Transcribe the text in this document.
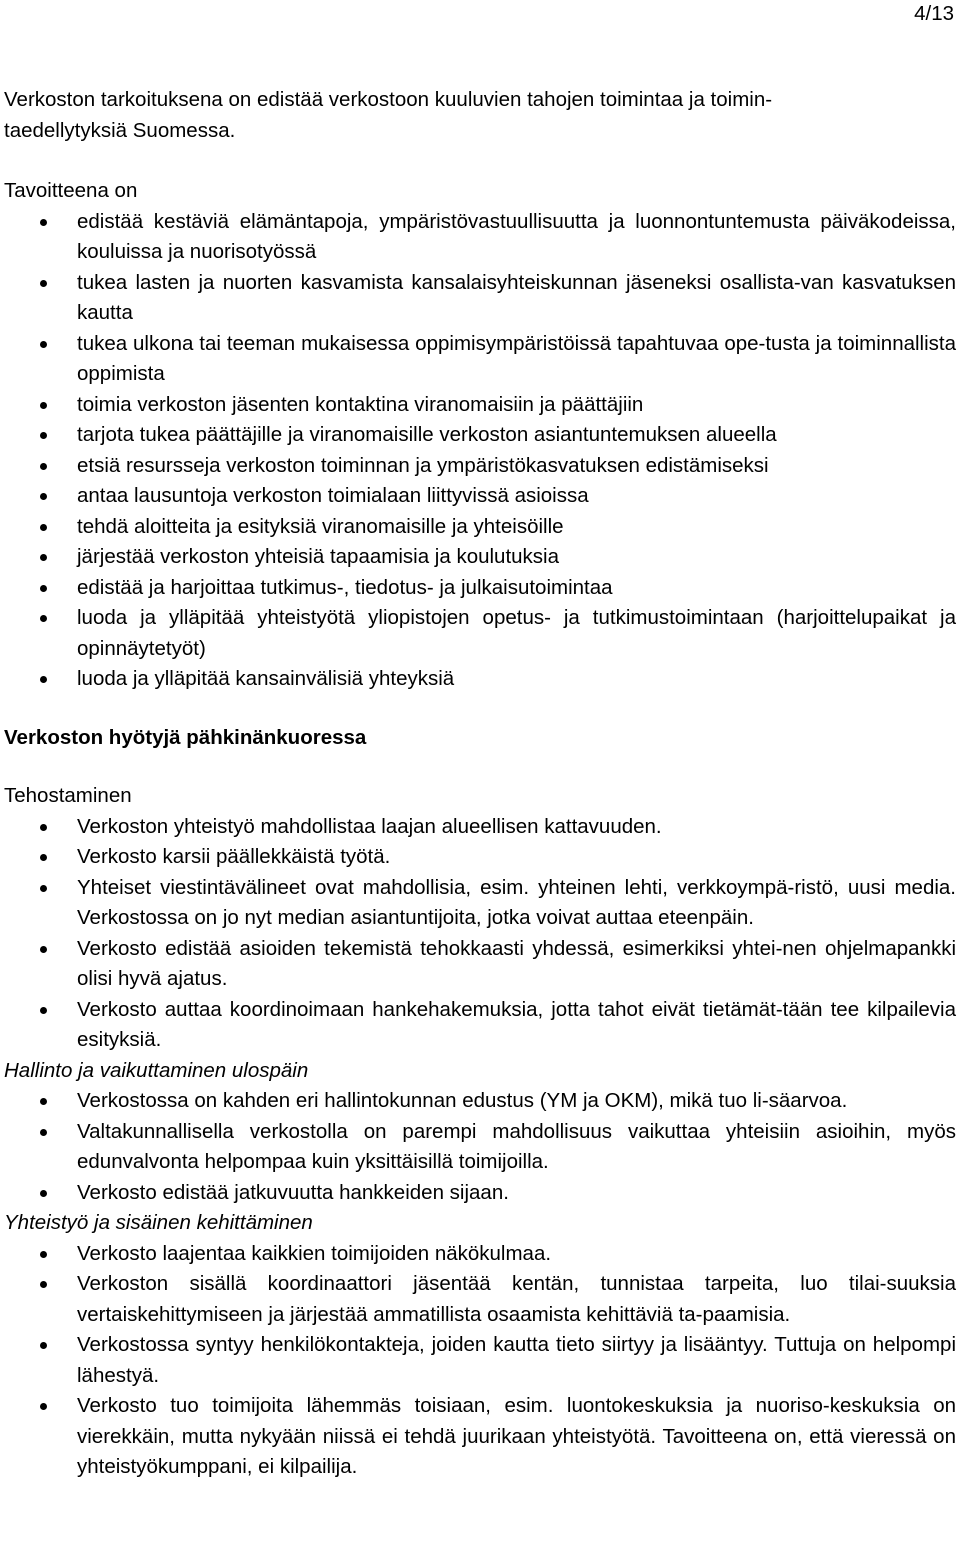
4/13
Verkoston tarkoituksena on edistää verkostoon kuuluvien tahojen toimintaa ja toimin-
taedellytyksiä Suomessa.
Tavoitteena on
edistää kestäviä elämäntapoja, ympäristövastuullisuutta ja luonnontuntemusta päiväkodeissa, kouluissa ja nuorisotyössä
tukea lasten ja nuorten kasvamista kansalaisyhteiskunnan jäseneksi osallista-van kasvatuksen kautta
tukea ulkona tai teeman mukaisessa oppimisympäristöissä tapahtuvaa ope-tusta ja toiminnallista oppimista
toimia verkoston jäsenten kontaktina viranomaisiin ja päättäjiin
tarjota tukea päättäjille ja viranomaisille verkoston asiantuntemuksen alueella
etsiä resursseja verkoston toiminnan ja ympäristökasvatuksen edistämiseksi
antaa lausuntoja verkoston toimialaan liittyvissä asioissa
tehdä aloitteita ja esityksiä viranomaisille ja yhteisöille
järjestää verkoston yhteisiä tapaamisia ja koulutuksia
edistää ja harjoittaa tutkimus-, tiedotus- ja julkaisutoimintaa
luoda ja ylläpitää yhteistyötä yliopistojen opetus- ja tutkimustoimintaan (harjoittelupaikat ja opinnäytetyöt)
luoda ja ylläpitää kansainvälisiä yhteyksiä
Verkoston hyötyjä pähkinänkuoressa
Tehostaminen
Verkoston yhteistyö mahdollistaa laajan alueellisen kattavuuden.
Verkosto karsii päällekkäistä työtä.
Yhteiset viestintävälineet ovat mahdollisia, esim. yhteinen lehti, verkkoympä-ristö, uusi media. Verkostossa on jo nyt median asiantuntijoita, jotka voivat auttaa eteenpäin.
Verkosto edistää asioiden tekemistä tehokkaasti yhdessä, esimerkiksi yhtei-nen ohjelmapankki olisi hyvä ajatus.
Verkosto auttaa koordinoimaan hankehakemuksia, jotta tahot eivät tietämät-tään tee kilpailevia esityksiä.
Hallinto ja vaikuttaminen ulospäin
Verkostossa on kahden eri hallintokunnan edustus (YM ja OKM), mikä tuo li-säarvoa.
Valtakunnallisella verkostolla on parempi mahdollisuus vaikuttaa yhteisiin asioihin, myös edunvalvonta helpompaa kuin yksittäisillä toimijoilla.
Verkosto edistää jatkuvuutta hankkeiden sijaan.
Yhteistyö ja sisäinen kehittäminen
Verkosto laajentaa kaikkien toimijoiden näkökulmaa.
Verkoston sisällä koordinaattori jäsentää kentän, tunnistaa tarpeita, luo tilai-suuksia vertaiskehittymiseen ja järjestää ammatillista osaamista kehittäviä ta-paamisia.
Verkostossa syntyy henkilökontakteja, joiden kautta tieto siirtyy ja lisääntyy. Tuttuja on helpompi lähestyä.
Verkosto tuo toimijoita lähemmäs toisiaan, esim. luontokeskuksia ja nuoriso-keskuksia on vierekkäin, mutta nykyään niissä ei tehdä juurikaan yhteistyötä. Tavoitteena on, että vieressä on yhteistyökumppani, ei kilpailija.
